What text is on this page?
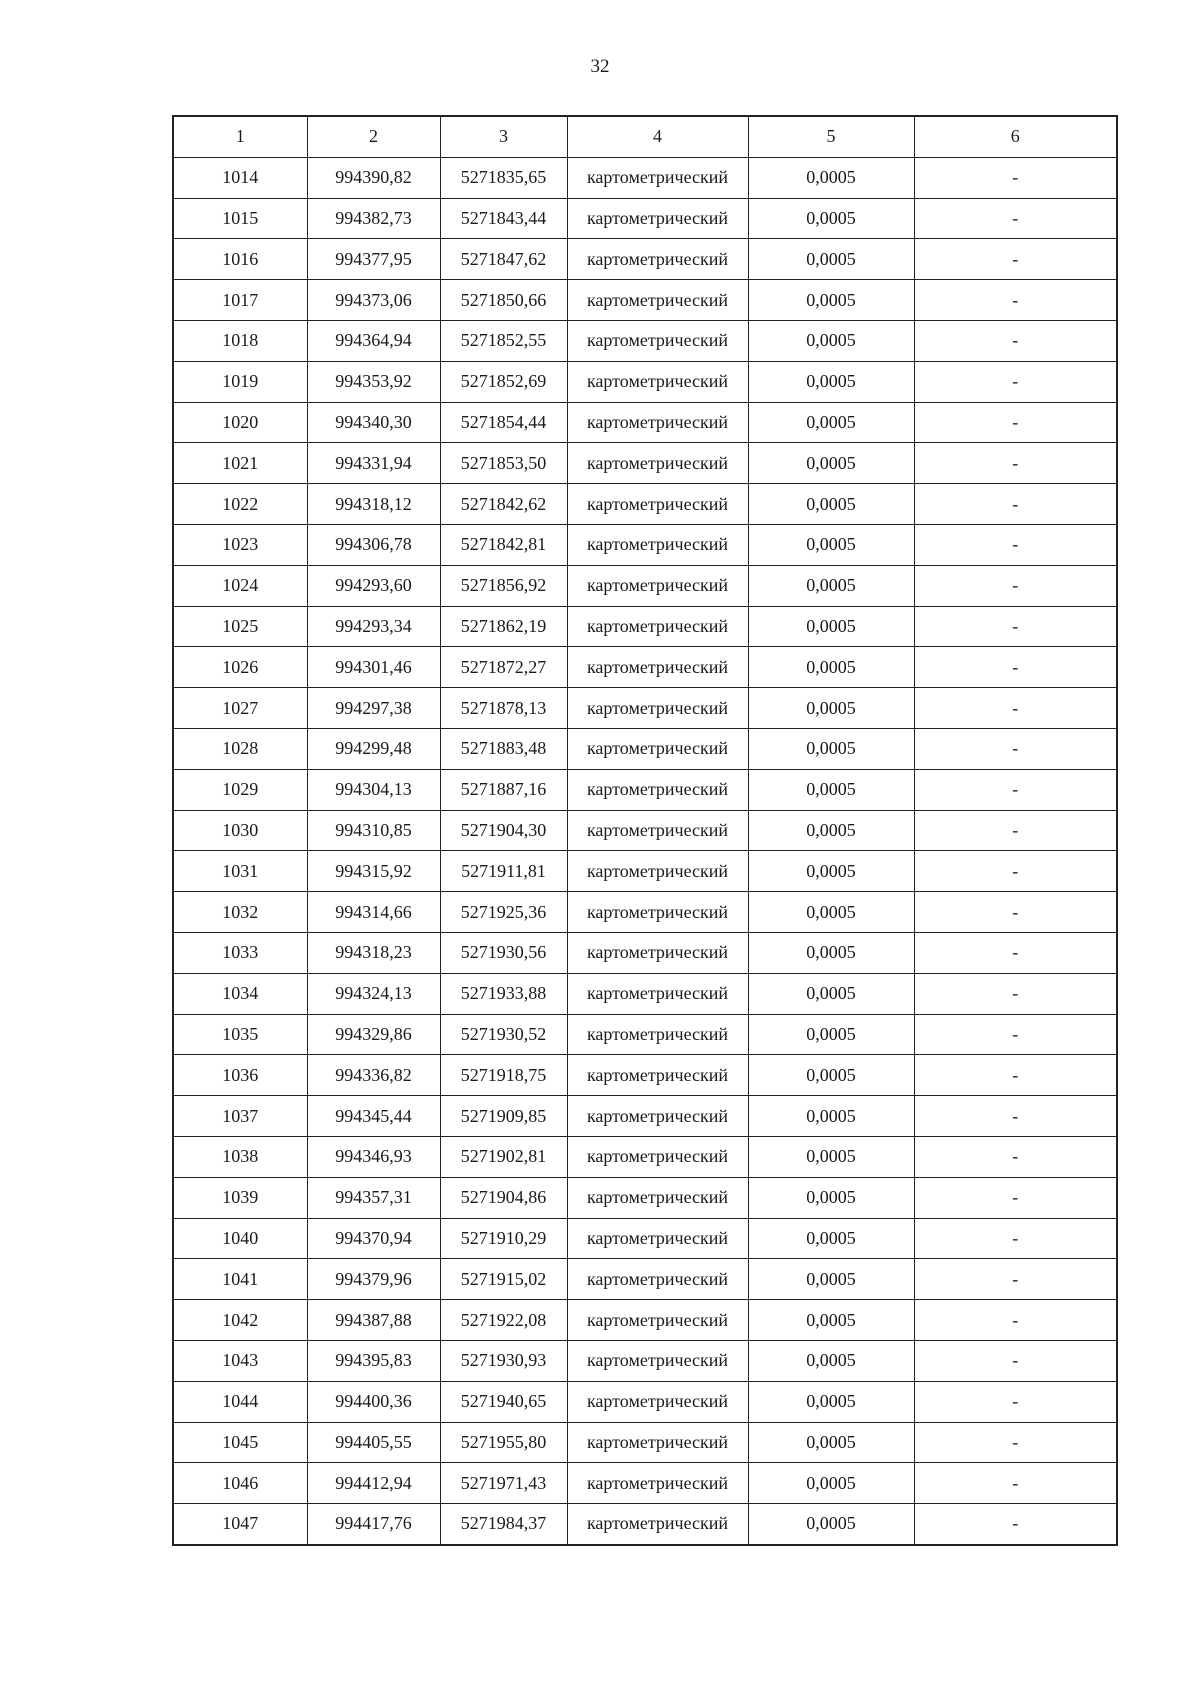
32
1	2	3	4	5	6
1014	994390,82	5271835,65	картометрический	0,0005	-
1015	994382,73	5271843,44	картометрический	0,0005	-
1016	994377,95	5271847,62	картометрический	0,0005	-
1017	994373,06	5271850,66	картометрический	0,0005	-
1018	994364,94	5271852,55	картометрический	0,0005	-
1019	994353,92	5271852,69	картометрический	0,0005	-
1020	994340,30	5271854,44	картометрический	0,0005	-
1021	994331,94	5271853,50	картометрический	0,0005	-
1022	994318,12	5271842,62	картометрический	0,0005	-
1023	994306,78	5271842,81	картометрический	0,0005	-
1024	994293,60	5271856,92	картометрический	0,0005	-
1025	994293,34	5271862,19	картометрический	0,0005	-
1026	994301,46	5271872,27	картометрический	0,0005	-
1027	994297,38	5271878,13	картометрический	0,0005	-
1028	994299,48	5271883,48	картометрический	0,0005	-
1029	994304,13	5271887,16	картометрический	0,0005	-
1030	994310,85	5271904,30	картометрический	0,0005	-
1031	994315,92	5271911,81	картометрический	0,0005	-
1032	994314,66	5271925,36	картометрический	0,0005	-
1033	994318,23	5271930,56	картометрический	0,0005	-
1034	994324,13	5271933,88	картометрический	0,0005	-
1035	994329,86	5271930,52	картометрический	0,0005	-
1036	994336,82	5271918,75	картометрический	0,0005	-
1037	994345,44	5271909,85	картометрический	0,0005	-
1038	994346,93	5271902,81	картометрический	0,0005	-
1039	994357,31	5271904,86	картометрический	0,0005	-
1040	994370,94	5271910,29	картометрический	0,0005	-
1041	994379,96	5271915,02	картометрический	0,0005	-
1042	994387,88	5271922,08	картометрический	0,0005	-
1043	994395,83	5271930,93	картометрический	0,0005	-
1044	994400,36	5271940,65	картометрический	0,0005	-
1045	994405,55	5271955,80	картометрический	0,0005	-
1046	994412,94	5271971,43	картометрический	0,0005	-
1047	994417,76	5271984,37	картометрический	0,0005	-
